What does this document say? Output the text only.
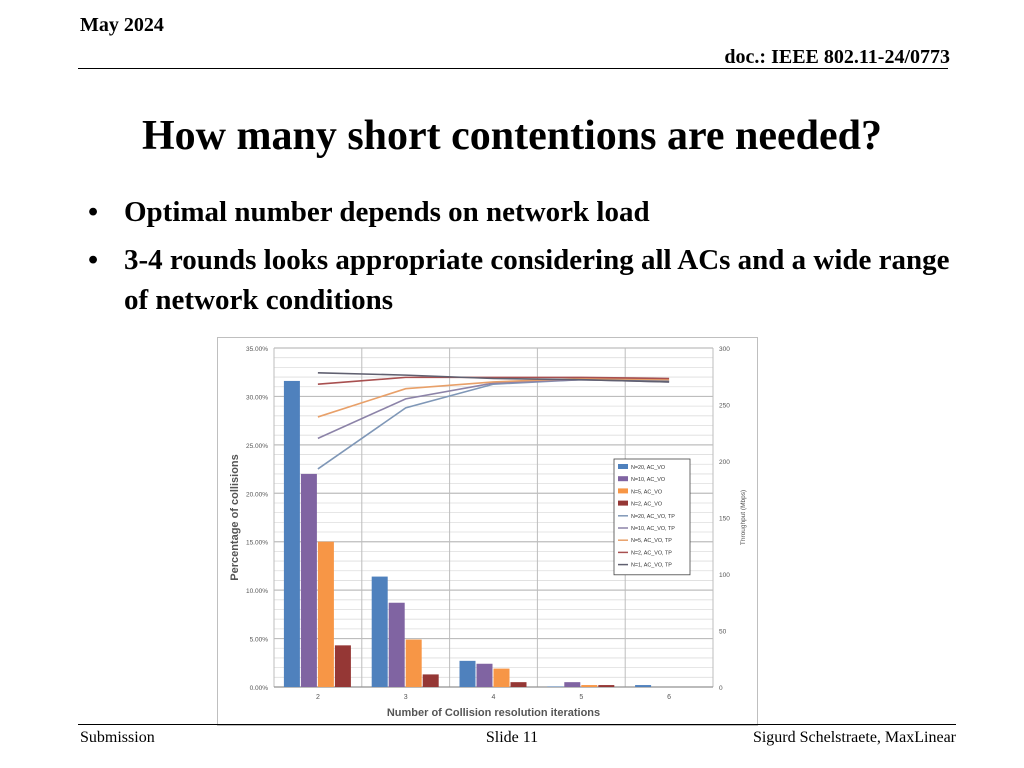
May 2024
doc.: IEEE 802.11-24/0773
How many short contentions are needed?
• Optimal number depends on network load
• 3-4 rounds looks appropriate considering all ACs and a wide range of network conditions
0.00%
5.00%
10.00%
15.00%
20.00%
25.00%
30.00%
35.00%
0
50
100
150
200
250
300
2	3	4	5	6
Number of Collision resolution iterations
Percentage of collisions	Throughput (Mbps)
N=20, AC_VO
N=10, AC_VO
N=5, AC_VO
N=2, AC_VO
N=20, AC_VO, TP
N=10, AC_VO, TP
N=5, AC_VO, TP
N=2, AC_VO, TP
N=1, AC_VO, TP
Submission	Slide 11	Sigurd Schelstraete, MaxLinear
